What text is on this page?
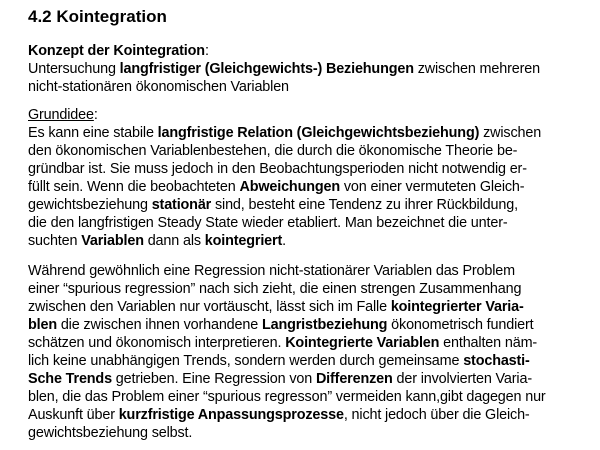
4.2 Kointegration

Konzept der Kointegration:

Untersuchung langfristiger (Gleichgewichts-) Beziehungen zwischen mehreren

nicht-stationären ökonomischen Variablen

Grundidee:

Es kann eine stabile langfristige Relation (Gleichgewichtsbeziehung) zwischen

den ökonomischen Variablenbestehen, die durch die ökonomische Theorie be-

gründbar ist. Sie muss jedoch in den Beobachtungsperioden nicht notwendig er-

füllt sein. Wenn die beobachteten Abweichungen von einer vermuteten Gleich-

gewichtsbeziehung stationär sind, besteht eine Tendenz zu ihrer Rückbildung,

die den langfristigen Steady State wieder etabliert. Man bezeichnet die unter-

suchten Variablen dann als kointegriert.

Während gewöhnlich eine Regression nicht-stationärer Variablen das Problem

einer “spurious regression” nach sich zieht, die einen strengen Zusammenhang

zwischen den Variablen nur vortäuscht, lässt sich im Falle kointegrierter Varia-

blen die zwischen ihnen vorhandene Langristbeziehung ökonometrisch fundiert

schätzen und ökonomisch interpretieren. Kointegrierte Variablen enthalten näm-

lich keine unabhängigen Trends, sondern werden durch gemeinsame stochasti-

Sche Trends getrieben. Eine Regression von Differenzen der involvierten Varia-

blen, die das Problem einer “spurious regresson” vermeiden kann,gibt dagegen nur

Auskunft über kurzfristige Anpassungsprozesse, nicht jedoch über die Gleich-

gewichtsbeziehung selbst.
